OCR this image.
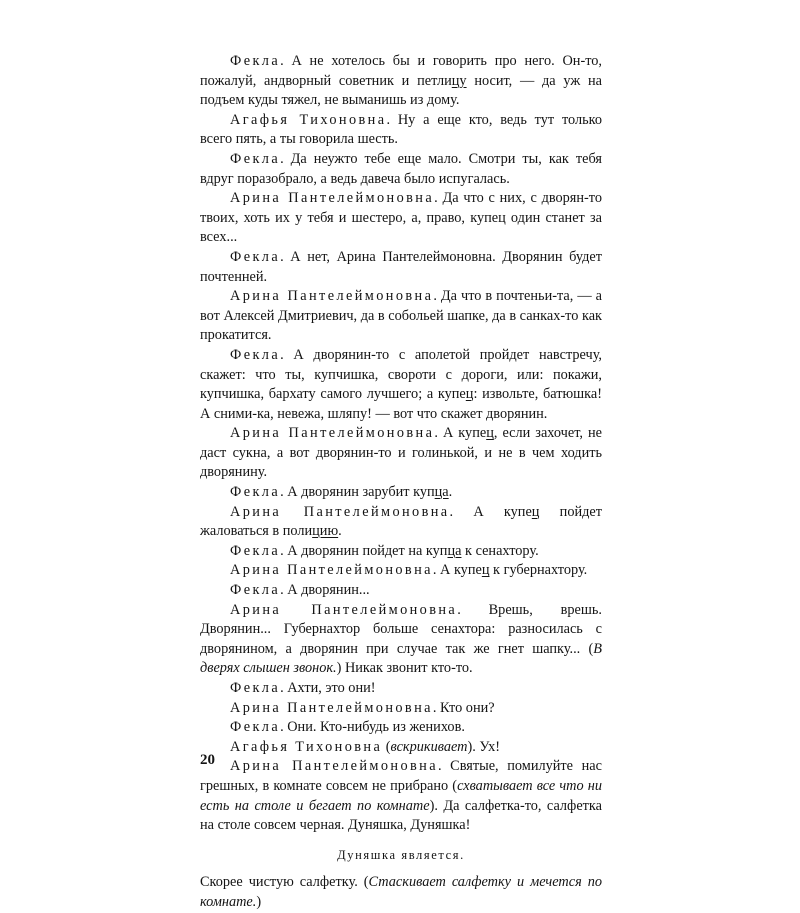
Фекла. А не хотелось бы и говорить про него. Он-то, пожалуй, андворный советник и петлицу носит, — да уж на подъем куды тяжел, не выманишь из дому.

Агафья Тихоновна. Ну а еще кто, ведь тут только всего пять, а ты говорила шесть.

Фекла. Да неужто тебе еще мало. Смотри ты, как тебя вдруг поразобрало, а ведь давеча было испугалась.

Арина Пантелеймоновна. Да что с них, с дворян-то твоих, хоть их у тебя и шестеро, а, право, купец один станет за всех...

Фекла. А нет, Арина Пантелеймоновна. Дворянин будет почтенней.

Арина Пантелеймоновна. Да что в почтеньи-та, — а вот Алексей Дмитриевич, да в собольей шапке, да в санках-то как прокатится.

Фекла. А дворянин-то с аполетой пройдет навстречу, скажет: что ты, купчишка, свороти с дороги, или: покажи, купчишка, бархату самого лучшего; а купец: извольте, батюшка! А сними-ка, невежа, шляпу! — вот что скажет дворянин.

Арина Пантелеймоновна. А купец, если захочет, не даст сукна, а вот дворянин-то и голинькой, и не в чем ходить дворянину.

Фекла. А дворянин зарубит купца.

Арина Пантелеймоновна. А купец пойдет жаловаться в полицию.

Фекла. А дворянин пойдет на купца к сенахтору.

Арина Пантелеймоновна. А купец к губернахтору.

Фекла. А дворянин...

Арина Пантелеймоновна. Врешь, врешь. Дворянин... Губернахтор больше сенахтора: разносилась с дворянином, а дворянин при случае так же гнет шапку... (В дверях слышен звонок.) Никак звонит кто-то.

Фекла. Ахти, это они!

Арина Пантелеймоновна. Кто они?

Фекла. Они. Кто-нибудь из женихов.

Агафья Тихоновна (вскрикивает). Ух!

Арина Пантелеймоновна. Святые, помилуйте нас грешных, в комнате совсем не прибрано (схватывает все что ни есть на столе и бегает по комнате). Да салфетка-то, салфетка на столе совсем черная. Дуняшка, Дуняшка!

Дуняшка является.

Скорее чистую салфетку. (Стаскивает салфетку и мечется по комнате.)

20
